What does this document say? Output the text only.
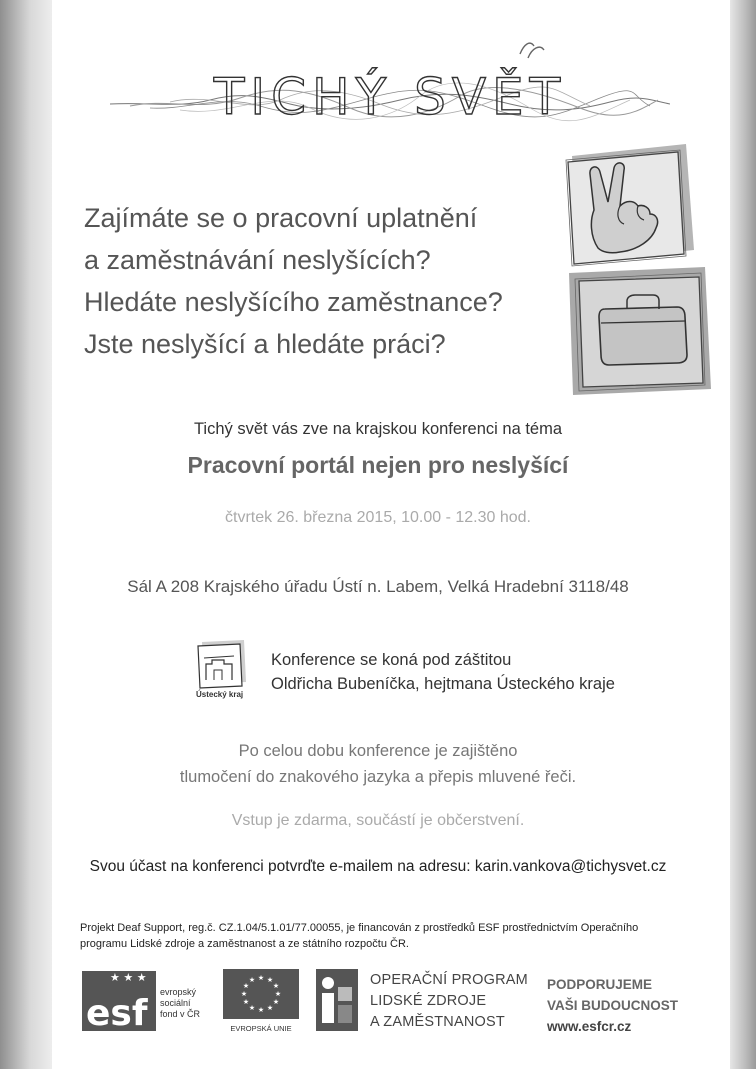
TICHÝ SVĚT
Zajímáte se o pracovní uplatnění
a zaměstnávání neslyšících?
Hledáte neslyšícího zaměstnance?
Jste neslyšící a hledáte práci?
Tichý svět vás zve na krajskou konferenci na téma
Pracovní portál nejen pro neslyšící
čtvrtek 26. března 2015, 10.00 - 12.30 hod.
Sál A 208 Krajského úřadu Ústí n. Labem, Velká Hradební 3118/48
Ústecký kraj
Konference se koná pod záštitou
Oldřicha Bubeníčka, hejtmana Ústeckého kraje
Po celou dobu konference je zajištěno
tlumočení do znakového jazyka a přepis mluvené řeči.
Vstup je zdarma, součástí je občerstvení.
Svou účast na konferenci potvrďte e-mailem na adresu: karin.vankova@tichysvet.cz
Projekt Deaf Support, reg.č. CZ.1.04/5.1.01/77.00055, je financován z prostředků ESF prostřednictvím Operačního
programu Lidské zdroje a zaměstnanost a ze státního rozpočtu ČR.
★ ★ ★
esf
evropský
sociální
fond v ČR
★ ★
★
★
★
★
★
★
★
★
★
★
EVROPSKÁ UNIE
OPERAČNÍ PROGRAM
LIDSKÉ ZDROJE
A ZAMĚSTNANOST
PODPORUJEME
VAŠI BUDOUCNOST
www.esfcr.cz
